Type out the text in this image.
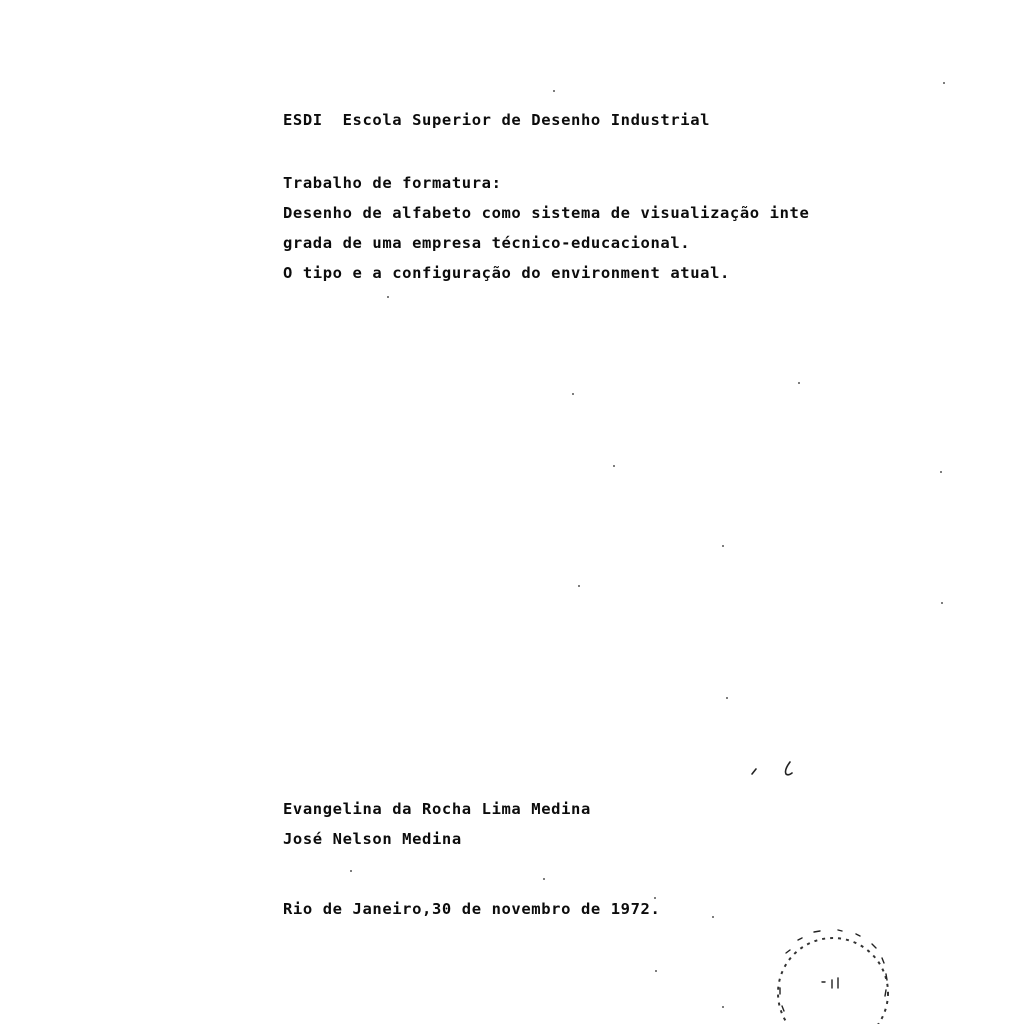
ESDI  Escola Superior de Desenho Industrial
Trabalho de formatura:
Desenho de alfabeto como sistema de visualização inte
grada de uma empresa técnico-educacional.
O tipo e a configuração do environment atual.
Evangelina da Rocha Lima Medina
José Nelson Medina
Rio de Janeiro,30 de novembro de 1972.
